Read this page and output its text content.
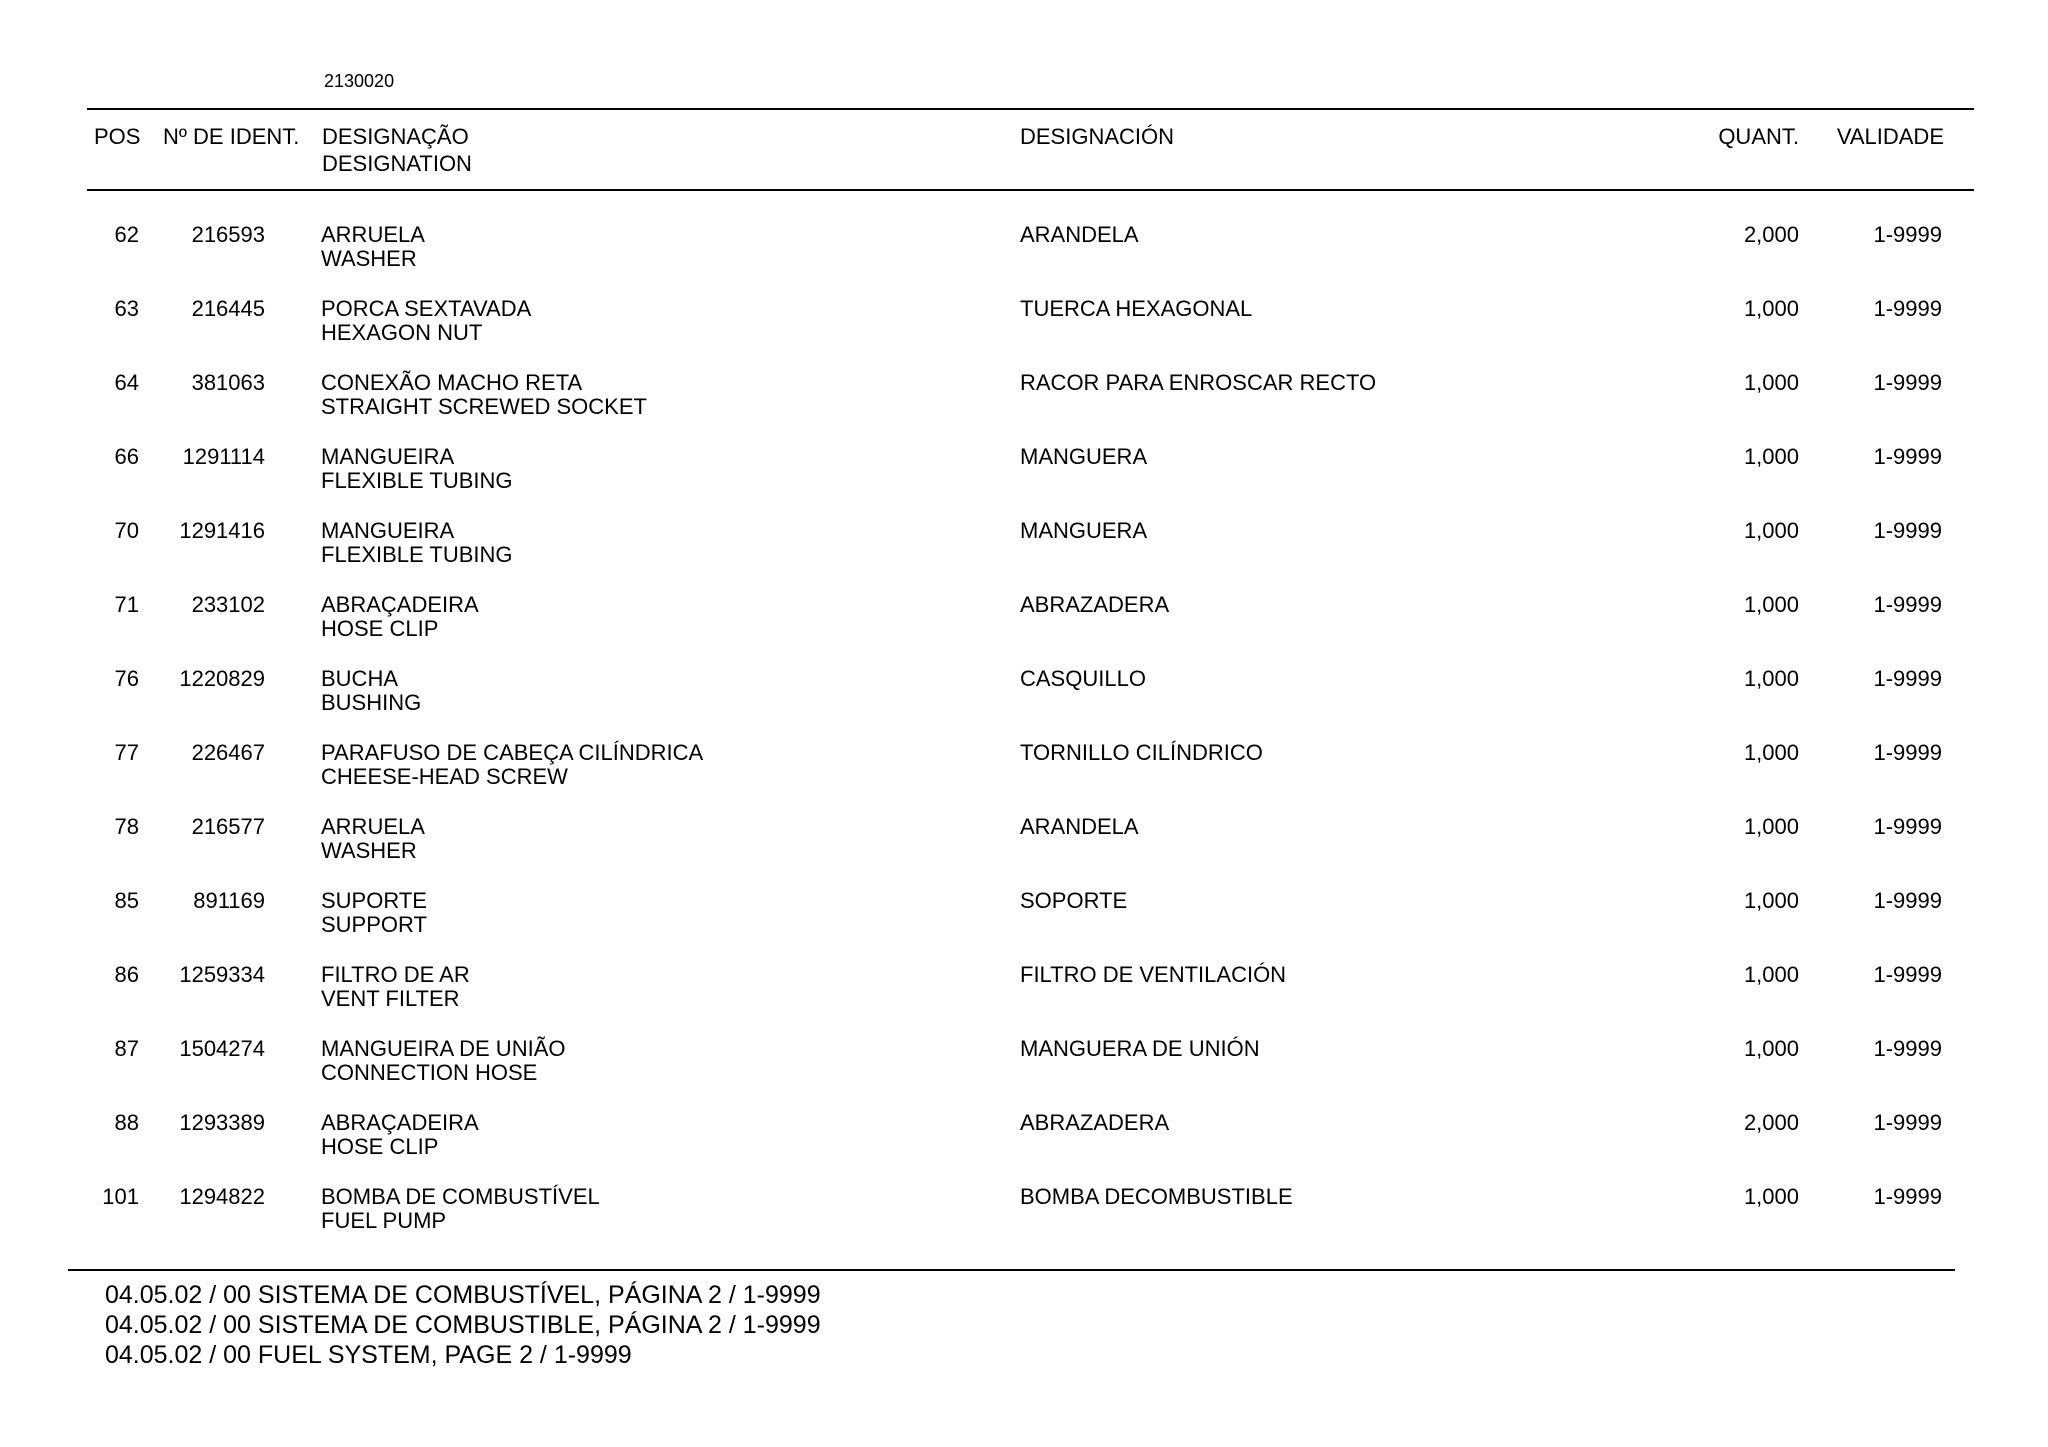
2130020
POS Nº DE IDENT. DESIGNAÇÃO
DESIGNATION
DESIGNACIÓN	QUANT. VALIDADE
62 216593	ARRUELA
WASHER
ARANDELA	2,000	1-9999
63 216445	PORCA SEXTAVADA
HEXAGON NUT
TUERCA HEXAGONAL	1,000	1-9999
64 381063	CONEXÃO MACHO RETA
STRAIGHT SCREWED SOCKET
RACOR PARA ENROSCAR RECTO	1,000	1-9999
66 1291114	MANGUEIRA
FLEXIBLE TUBING
MANGUERA	1,000	1-9999
70 1291416	MANGUEIRA
FLEXIBLE TUBING
MANGUERA	1,000	1-9999
71 233102	ABRAÇADEIRA
HOSE CLIP
ABRAZADERA	1,000	1-9999
76 1220829	BUCHA
BUSHING
CASQUILLO	1,000	1-9999
77 226467	PARAFUSO DE CABEÇA CILÍNDRICA
CHEESE-HEAD SCREW
TORNILLO CILÍNDRICO	1,000	1-9999
78 216577	ARRUELA
WASHER
ARANDELA	1,000	1-9999
85 891169	SUPORTE
SUPPORT
SOPORTE	1,000	1-9999
86 1259334	FILTRO DE AR
VENT FILTER
FILTRO DE VENTILACIÓN	1,000	1-9999
87 1504274	MANGUEIRA DE UNIÃO
CONNECTION HOSE
MANGUERA DE UNIÓN	1,000	1-9999
88 1293389	ABRAÇADEIRA
HOSE CLIP
ABRAZADERA	2,000	1-9999
101 1294822	BOMBA DE COMBUSTÍVEL
FUEL PUMP
BOMBA DECOMBUSTIBLE	1,000	1-9999
04.05.02 / 00 SISTEMA DE COMBUSTÍVEL, PÁGINA 2 / 1-9999
04.05.02 / 00 SISTEMA DE COMBUSTIBLE, PÁGINA 2 / 1-9999
04.05.02 / 00 FUEL SYSTEM, PAGE 2 / 1-9999
